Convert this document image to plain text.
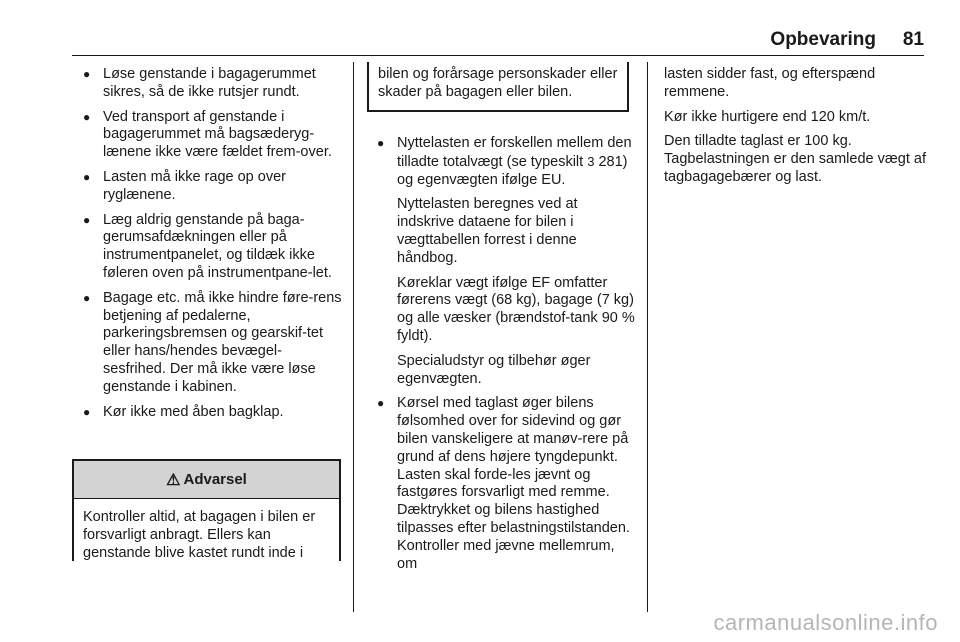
Opbevaring 81
● Løse genstande i bagagerummet sikres, så de ikke rutsjer rundt.
● Ved transport af genstande i bagagerummet må bagsæderyg-lænene ikke være fældet frem-over.
● Lasten må ikke rage op over ryglænene.
● Læg aldrig genstande på baga-gerumsafdækningen eller på instrumentpanelet, og tildæk ikke føleren oven på instrumentpane-let.
● Bagage etc. må ikke hindre føre-rens betjening af pedalerne, parkeringsbremsen og gearskif-tet eller hans/hendes bevægel-sesfrihed. Der må ikke være løse genstande i kabinen.
● Kør ikke med åben bagklap.
⚠ Advarsel
Kontroller altid, at bagagen i bilen er forsvarligt anbragt. Ellers kan genstande blive kastet rundt inde i
bilen og forårsage personskader eller skader på bagagen eller bilen.
● Nyttelasten er forskellen mellem den tilladte totalvægt (se typeskilt 3 281) og egenvægten ifølge EU.

Nyttelasten beregnes ved at indskrive dataene for bilen i vægttabellen forrest i denne håndbog.

Køreklar vægt ifølge EF omfatter førerens vægt (68 kg), bagage (7 kg) og alle væsker (brændstof-tank 90 % fyldt).

Specialudstyr og tilbehør øger egenvægten.

● Kørsel med taglast øger bilens følsomhed over for sidevind og gør bilen vanskeligere at manøv-rere på grund af dens højere tyngdepunkt. Lasten skal forde-les jævnt og fastgøres forsvarligt med remme. Dæktrykket og bilens hastighed tilpasses efter belastningstilstanden. Kontroller med jævne mellemrum, om

lasten sidder fast, og efterspænd remmene.

Kør ikke hurtigere end 120 km/t.

Den tilladte taglast er 100 kg. Tagbelastningen er den samlede vægt af tagbagagebærer og last.

carmanualsonline.info
